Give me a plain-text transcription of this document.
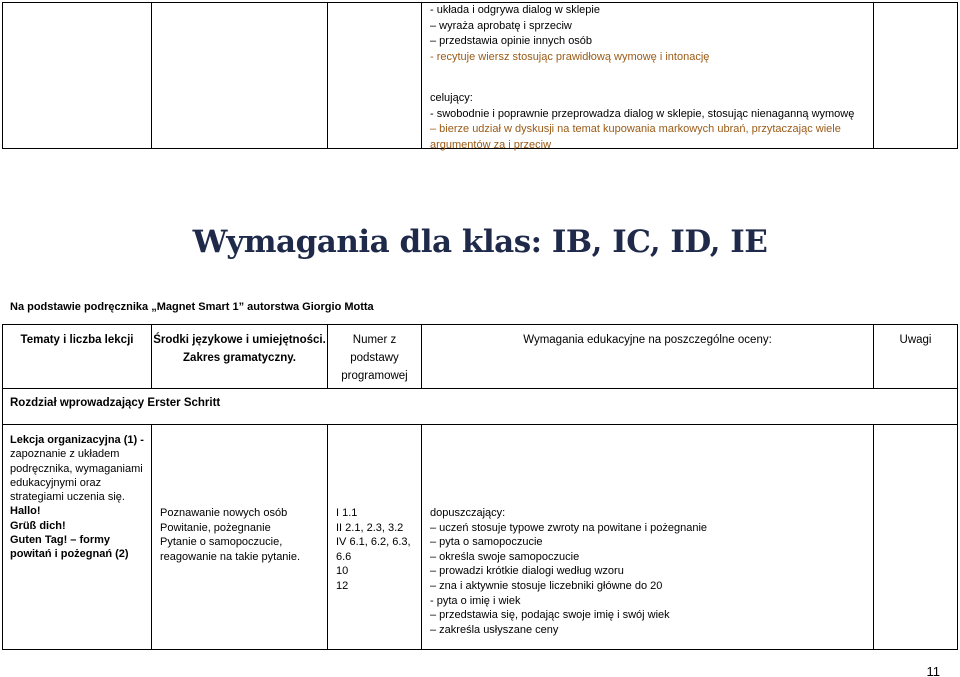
- układa i odgrywa dialog w sklepie
– wyraża aprobatę i sprzeciw
– przedstawia opinie innych osób
- recytuje wiersz stosując prawidłową wymowę i intonację
celujący:
- swobodnie i poprawnie przeprowadza dialog w sklepie, stosując nienaganną wymowę
– bierze udział w dyskusji na temat kupowania markowych ubrań, przytaczając wiele
argumentów za i przeciw
Wymagania dla klas: IB, IC, ID, IE
Na podstawie podręcznika „Magnet Smart 1” autorstwa Giorgio Motta
Tematy i liczba lekcji	Środki językowe i umiejętności.
Zakres gramatyczny.
Numer z
podstawy
programowej
Wymagania edukacyjne na poszczególne oceny:	Uwagi
Rozdział wprowadzający Erster Schritt
Lekcja organizacyjna (1) -
zapoznanie z układem
podręcznika, wymaganiami
edukacyjnymi oraz
strategiami uczenia się.
Hallo!
Grüß dich!
Guten Tag! – formy
powitań i pożegnań (2)
Poznawanie nowych osób
Powitanie, pożegnanie
Pytanie o samopoczucie,
reagowanie na takie pytanie.
I 1.1
II 2.1, 2.3, 3.2
IV 6.1, 6.2, 6.3,
6.6
10
12
dopuszczający:
– uczeń stosuje typowe zwroty na powitane i pożegnanie
– pyta o samopoczucie
– określa swoje samopoczucie
– prowadzi krótkie dialogi według wzoru
– zna i aktywnie stosuje liczebniki główne do 20
- pyta o imię i wiek
– przedstawia się, podając swoje imię i swój wiek
– zakreśla usłyszane ceny
11
